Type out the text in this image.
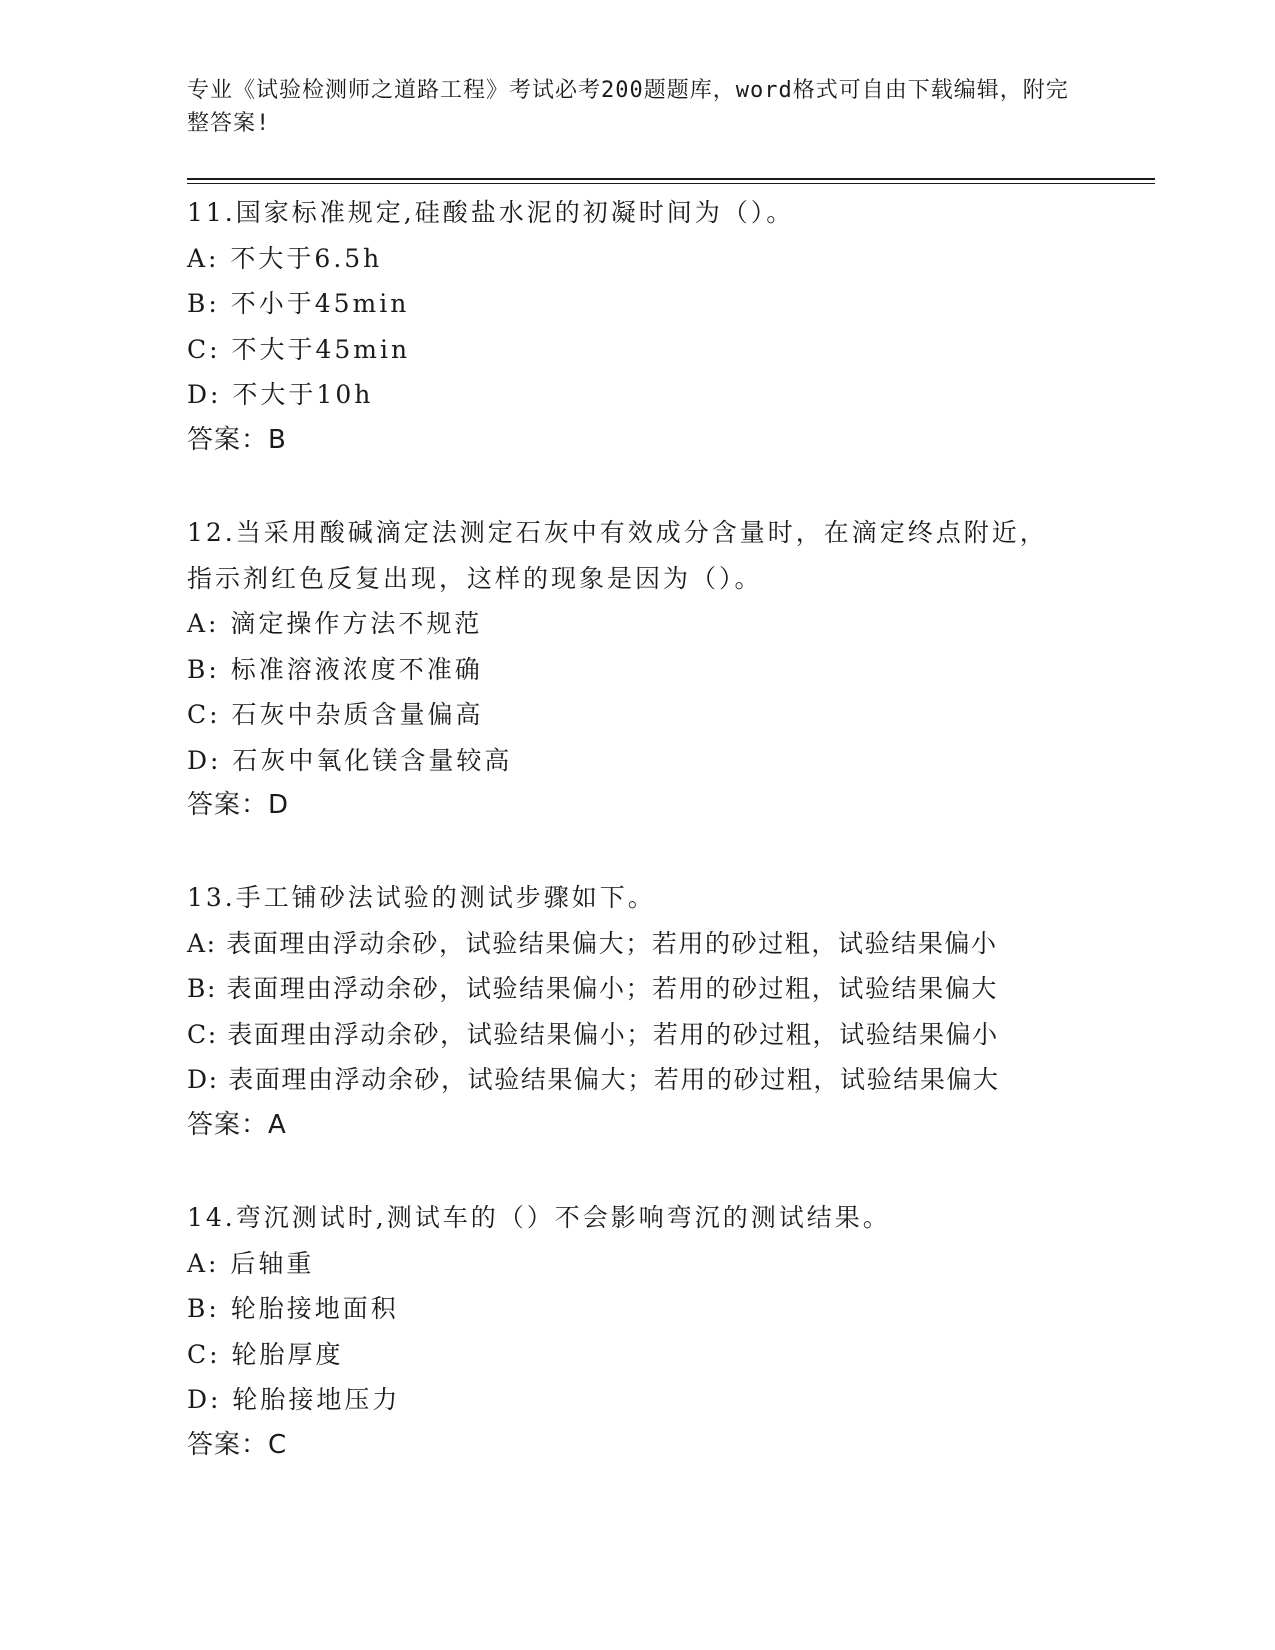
专业《试验检测师之道路工程》考试必考200题题库，word格式可自由下载编辑，附完整答案!
11.国家标准规定,硅酸盐水泥的初凝时间为（）。
A: 不大于6.5h
B: 不小于45min
C: 不大于45min
D: 不大于10h
答案：B
12.当采用酸碱滴定法测定石灰中有效成分含量时，在滴定终点附近，指示剂红色反复出现，这样的现象是因为（）。
A: 滴定操作方法不规范
B: 标准溶液浓度不准确
C: 石灰中杂质含量偏高
D: 石灰中氧化镁含量较高
答案：D
13.手工铺砂法试验的测试步骤如下。
A: 表面理由浮动余砂，试验结果偏大；若用的砂过粗，试验结果偏小
B: 表面理由浮动余砂，试验结果偏小；若用的砂过粗，试验结果偏大
C: 表面理由浮动余砂，试验结果偏小；若用的砂过粗，试验结果偏小
D: 表面理由浮动余砂，试验结果偏大；若用的砂过粗，试验结果偏大
答案：A
14.弯沉测试时,测试车的（）不会影响弯沉的测试结果。
A: 后轴重
B: 轮胎接地面积
C: 轮胎厚度
D: 轮胎接地压力
答案：C
